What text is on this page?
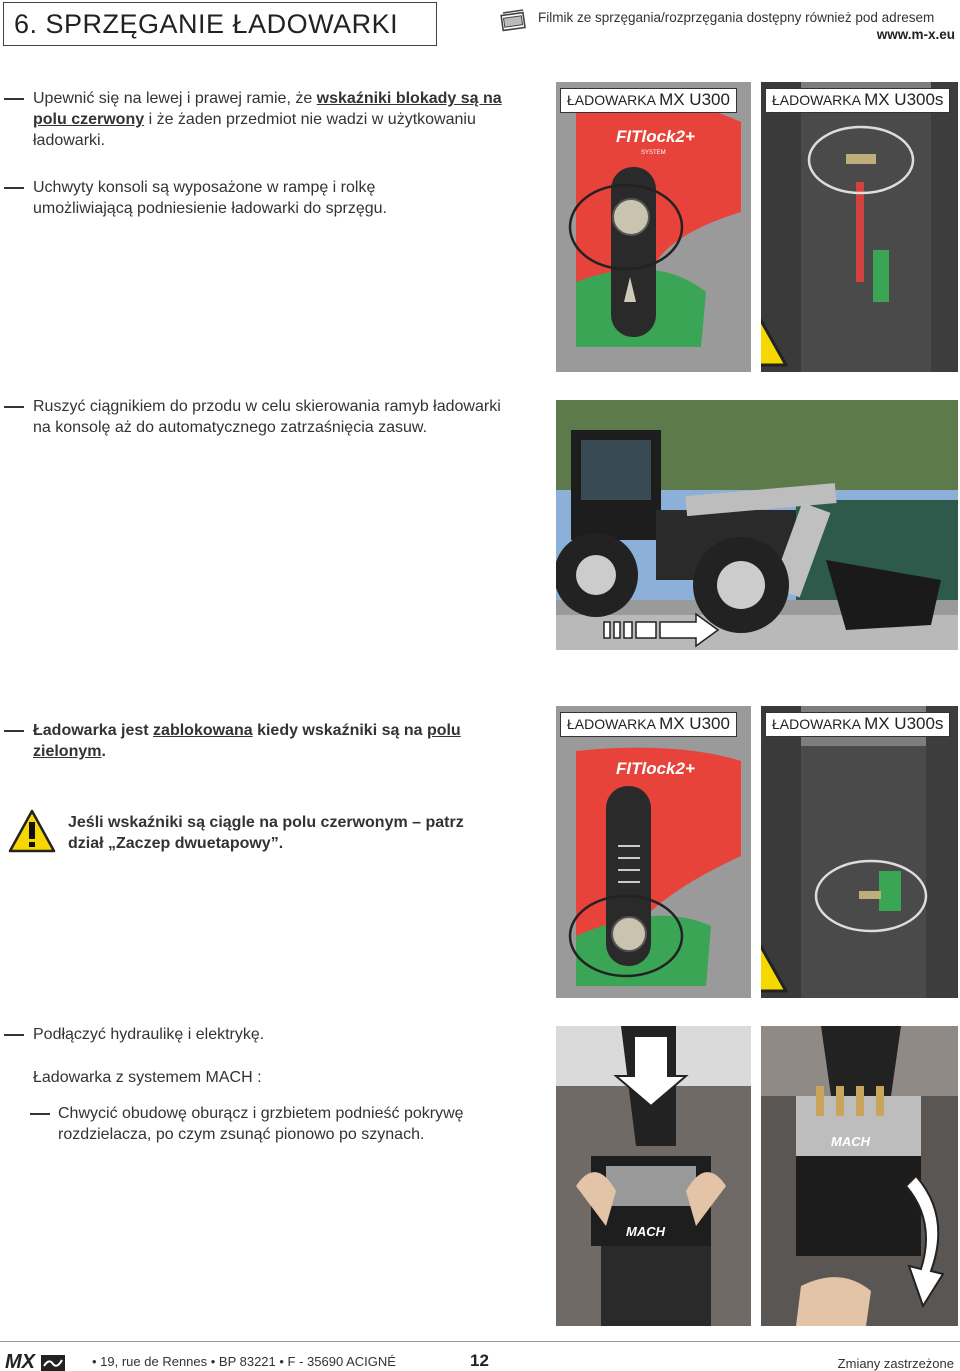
6. SPRZĘGANIE ŁADOWARKI	Filmik ze sprzęgania/rozprzęgania dostępny również pod adresem
www.m-x.eu
Upewnić się na lewej i prawej ramie, że wskaźniki blokady są na polu czerwony i że żaden przedmiot nie wadzi w użytkowaniu ładowarki.
Uchwyty konsoli są wyposażone w rampę i rolkę umożliwiającą podniesienie ładowarki do sprzęgu.
FITlock2+
SYSTEM
ŁADOWARKA MX U300	ŁADOWARKA MX U300s
Ruszyć ciągnikiem do przodu w celu skierowania ramyb ładowarki na konsolę aż do automatycznego zatrzaśnięcia zasuw.
Ładowarka jest zablokowana kiedy wskaźniki są na polu zielonym.
Jeśli wskaźniki są ciągle na polu czerwonym – patrz dział „Zaczep dwuetapowy”.
FITlock2+
ŁADOWARKA MX U300	ŁADOWARKA MX U300s
Podłączyć hydraulikę i elektrykę.
Ładowarka z systemem MACH :
Chwycić obudowę oburącz i grzbietem podnieść pokrywę rozdzielacza, po czym zsunąć pionowo po szynach.
MACH
MACH
MX	• 19, rue de Rennes • BP 83221 • F - 35690 ACIGNÉ	12	Zmiany zastrzeżone
